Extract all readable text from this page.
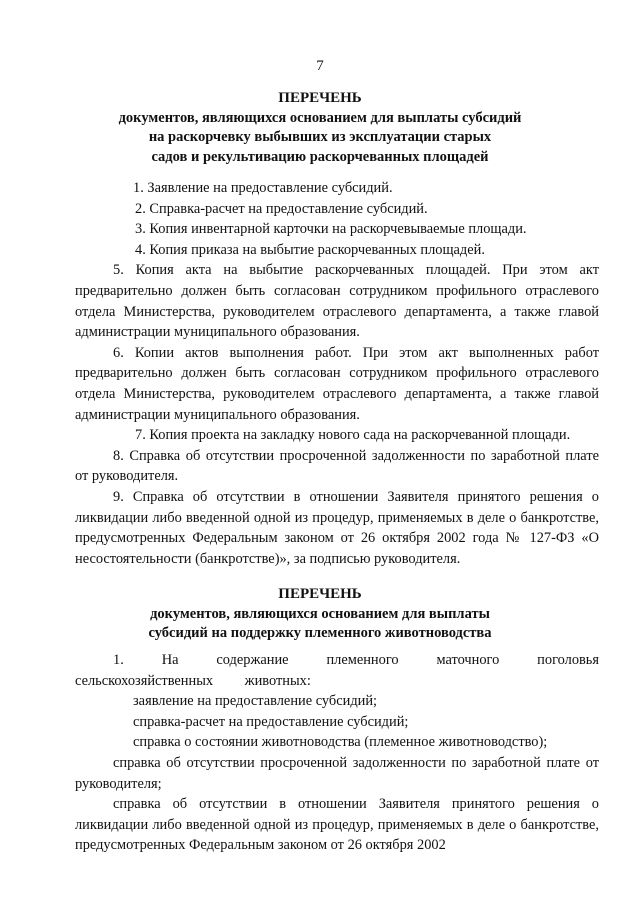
7
ПЕРЕЧЕНЬ
документов, являющихся основанием для выплаты субсидий
на раскорчевку выбывших из эксплуатации старых
садов и рекультивацию раскорчеванных площадей

1. Заявление на предоставление субсидий.

2. Справка-расчет на предоставление субсидий.

3. Копия инвентарной карточки на раскорчевываемые площади.

4. Копия приказа на выбытие раскорчеванных площадей.

5. Копия акта на выбытие раскорчеванных площадей. При этом акт предварительно должен быть согласован сотрудником профильного отраслевого отдела Министерства, руководителем отраслевого департамента, а также главой администрации муниципального образования.

6. Копии актов выполнения работ. При этом акт выполненных работ предварительно должен быть согласован сотрудником профильного отраслевого отдела Министерства, руководителем отраслевого департамента, а также главой администрации муниципального образования.

7. Копия проекта на закладку нового сада на раскорчеванной площади.

8. Справка об отсутствии просроченной задолженности по заработной плате от руководителя.

9. Справка об отсутствии в отношении Заявителя принятого решения о ликвидации либо введенной одной из процедур, применяемых в деле о банкротстве, предусмотренных Федеральным законом от 26 октября 2002 года № 127-ФЗ «О несостоятельности (банкротстве)», за подписью руководителя.

ПЕРЕЧЕНЬ
документов, являющихся основанием для выплаты
субсидий на поддержку племенного животноводства

1. На содержание племенного маточного поголовья сельскохозяйственных животных:

заявление на предоставление субсидий;

справка-расчет на предоставление субсидий;

справка о состоянии животноводства (племенное животноводство);

справка об отсутствии просроченной задолженности по заработной плате от руководителя;

справка об отсутствии в отношении Заявителя принятого решения о ликвидации либо введенной одной из процедур, применяемых в деле о банкротстве, предусмотренных Федеральным законом от 26 октября 2002
